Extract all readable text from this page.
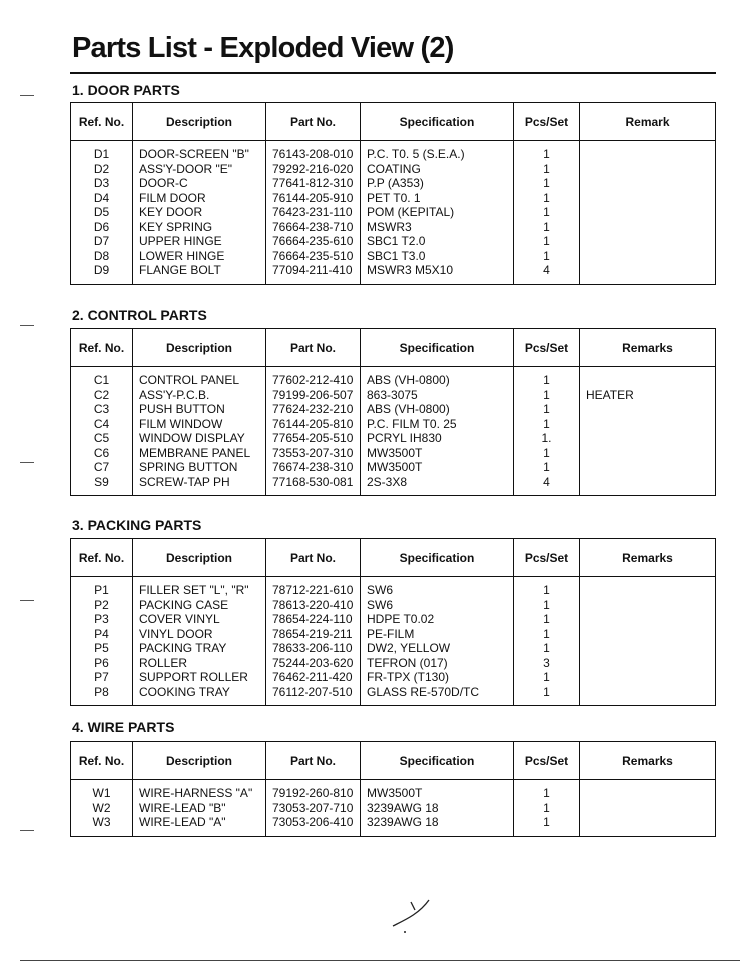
Parts List - Exploded View (2)
1. DOOR PARTS
Ref. No.	Description	Part No.	Specification	Pcs/Set	Remark
D1	DOOR-SCREEN "B"	76143-208-010	P.C. T0. 5 (S.E.A.)	1	
D2	ASS'Y-DOOR "E"	79292-216-020	COATING	1	
D3	DOOR-C	77641-812-310	P.P (A353)	1	
D4	FILM DOOR	76144-205-910	PET T0. 1	1	
D5	KEY DOOR	76423-231-110	POM (KEPITAL)	1	
D6	KEY SPRING	76664-238-710	MSWR3	1	
D7	UPPER HINGE	76664-235-610	SBC1 T2.0	1	
D8	LOWER HINGE	76664-235-510	SBC1 T3.0	1	
D9	FLANGE BOLT	77094-211-410	MSWR3 M5X10	4	
2. CONTROL PARTS
Ref. No.	Description	Part No.	Specification	Pcs/Set	Remarks
C1	CONTROL PANEL	77602-212-410	ABS (VH-0800)	1	
C2	ASS'Y-P.C.B.	79199-206-507	863-3075	1	HEATER
C3	PUSH BUTTON	77624-232-210	ABS (VH-0800)	1	
C4	FILM WINDOW	76144-205-810	P.C. FILM T0. 25	1	
C5	WINDOW DISPLAY	77654-205-510	PCRYL IH830	1.	
C6	MEMBRANE PANEL	73553-207-310	MW3500T	1	
C7	SPRING BUTTON	76674-238-310	MW3500T	1	
S9	SCREW-TAP PH	77168-530-081	2S-3X8	4	
3. PACKING PARTS
Ref. No.	Description	Part No.	Specification	Pcs/Set	Remarks
P1	FILLER SET "L", "R"	78712-221-610	SW6	1	
P2	PACKING CASE	78613-220-410	SW6	1	
P3	COVER VINYL	78654-224-110	HDPE T0.02	1	
P4	VINYL DOOR	78654-219-211	PE-FILM	1	
P5	PACKING TRAY	78633-206-110	DW2, YELLOW	1	
P6	ROLLER	75244-203-620	TEFRON (017)	3	
P7	SUPPORT ROLLER	76462-211-420	FR-TPX (T130)	1	
P8	COOKING TRAY	76112-207-510	GLASS RE-570D/TC	1	
4. WIRE PARTS
Ref. No.	Description	Part No.	Specification	Pcs/Set	Remarks
W1	WIRE-HARNESS "A"	79192-260-810	MW3500T	1	
W2	WIRE-LEAD "B"	73053-207-710	3239AWG 18	1	
W3	WIRE-LEAD "A"	73053-206-410	3239AWG 18	1	
